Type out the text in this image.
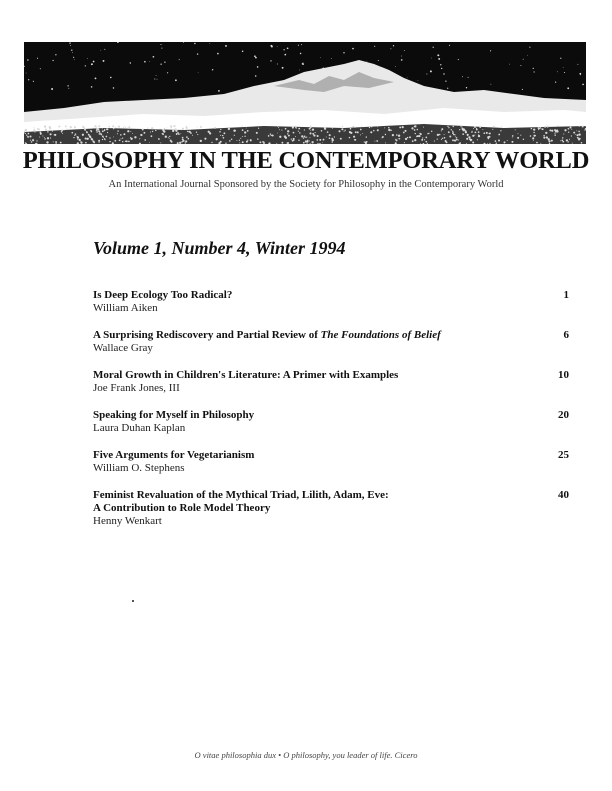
PHILOSOPHY IN THE CONTEMPORARY WORLD
An International Journal Sponsored by the Society for Philosophy in the Contemporary World
Volume 1, Number 4, Winter 1994
Is Deep Ecology Too Radical?
William Aiken
1
A Surprising Rediscovery and Partial Review of The Foundations of Belief
Wallace Gray
6
Moral Growth in Children's Literature: A Primer with Examples
Joe Frank Jones, III
10
Speaking for Myself in Philosophy
Laura Duhan Kaplan
20
Five Arguments for Vegetarianism
William O. Stephens
25
Feminist Revaluation of the Mythical Triad, Lilith, Adam, Eve:
A Contribution to Role Model Theory
Henny Wenkart
40
O vitae philosophia dux • O philosophy, you leader of life. Cicero
